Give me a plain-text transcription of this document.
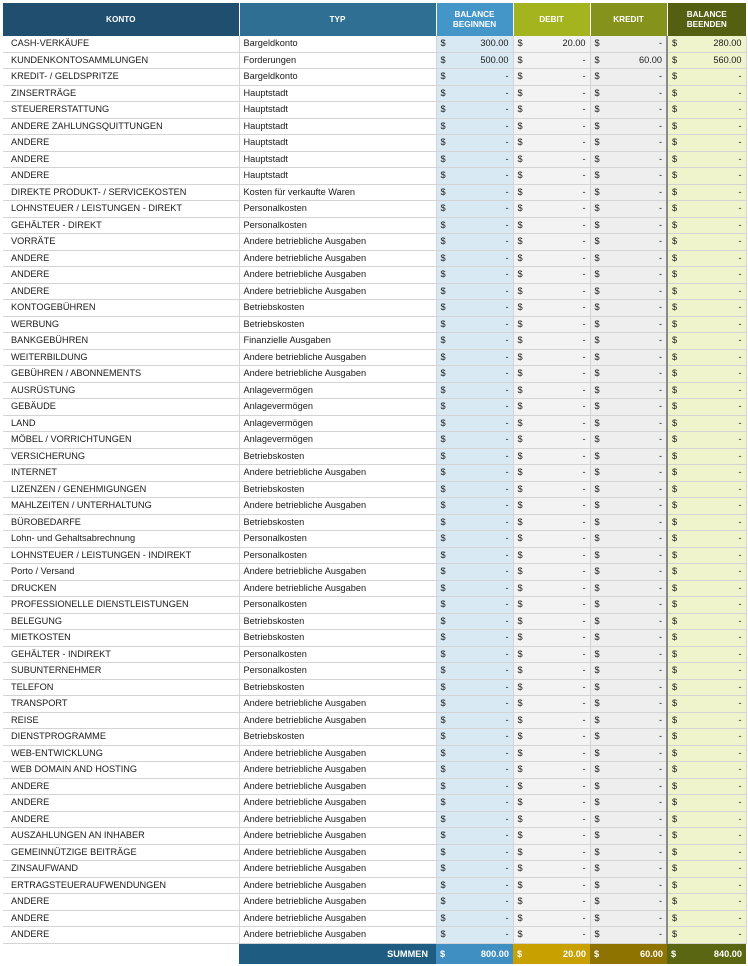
KONTO	TYP	BALANCE BEGINNEN	DEBIT	KREDIT	BALANCE BEENDEN
CASH-VERKÄUFE	Bargeldkonto	$ 300.00	$ 20.00	$ -	$ 280.00
KUNDENKONTOSAMMLUNGEN	Forderungen	$ 500.00	$ -	$ 60.00	$ 560.00
KREDIT- / GELDSPRITZE	Bargeldkonto	$ -	$ -	$ -	$ -
ZINSERTRÄGE	Hauptstadt	$ -	$ -	$ -	$ -
STEUERERSTATTUNG	Hauptstadt	$ -	$ -	$ -	$ -
ANDERE ZAHLUNGSQUITTUNGEN	Hauptstadt	$ -	$ -	$ -	$ -
ANDERE	Hauptstadt	$ -	$ -	$ -	$ -
ANDERE	Hauptstadt	$ -	$ -	$ -	$ -
ANDERE	Hauptstadt	$ -	$ -	$ -	$ -
DIREKTE PRODUKT- / SERVICEKOSTEN	Kosten für verkaufte Waren	$ -	$ -	$ -	$ -
LOHNSTEUER / LEISTUNGEN - DIREKT	Personalkosten	$ -	$ -	$ -	$ -
GEHÄLTER - DIREKT	Personalkosten	$ -	$ -	$ -	$ -
VORRÄTE	Andere betriebliche Ausgaben	$ -	$ -	$ -	$ -
ANDERE	Andere betriebliche Ausgaben	$ -	$ -	$ -	$ -
ANDERE	Andere betriebliche Ausgaben	$ -	$ -	$ -	$ -
ANDERE	Andere betriebliche Ausgaben	$ -	$ -	$ -	$ -
KONTOGEBÜHREN	Betriebskosten	$ -	$ -	$ -	$ -
WERBUNG	Betriebskosten	$ -	$ -	$ -	$ -
BANKGEBÜHREN	Finanzielle Ausgaben	$ -	$ -	$ -	$ -
WEITERBILDUNG	Andere betriebliche Ausgaben	$ -	$ -	$ -	$ -
GEBÜHREN / ABONNEMENTS	Andere betriebliche Ausgaben	$ -	$ -	$ -	$ -
AUSRÜSTUNG	Anlagevermögen	$ -	$ -	$ -	$ -
GEBÄUDE	Anlagevermögen	$ -	$ -	$ -	$ -
LAND	Anlagevermögen	$ -	$ -	$ -	$ -
MÖBEL / VORRICHTUNGEN	Anlagevermögen	$ -	$ -	$ -	$ -
VERSICHERUNG	Betriebskosten	$ -	$ -	$ -	$ -
INTERNET	Andere betriebliche Ausgaben	$ -	$ -	$ -	$ -
LIZENZEN / GENEHMIGUNGEN	Betriebskosten	$ -	$ -	$ -	$ -
MAHLZEITEN / UNTERHALTUNG	Andere betriebliche Ausgaben	$ -	$ -	$ -	$ -
BÜROBEDARFE	Betriebskosten	$ -	$ -	$ -	$ -
Lohn- und Gehaltsabrechnung	Personalkosten	$ -	$ -	$ -	$ -
LOHNSTEUER / LEISTUNGEN - INDIREKT	Personalkosten	$ -	$ -	$ -	$ -
Porto / Versand	Andere betriebliche Ausgaben	$ -	$ -	$ -	$ -
DRUCKEN	Andere betriebliche Ausgaben	$ -	$ -	$ -	$ -
PROFESSIONELLE DIENSTLEISTUNGEN	Personalkosten	$ -	$ -	$ -	$ -
BELEGUNG	Betriebskosten	$ -	$ -	$ -	$ -
MIETKOSTEN	Betriebskosten	$ -	$ -	$ -	$ -
GEHÄLTER - INDIREKT	Personalkosten	$ -	$ -	$ -	$ -
SUBUNTERNEHMER	Personalkosten	$ -	$ -	$ -	$ -
TELEFON	Betriebskosten	$ -	$ -	$ -	$ -
TRANSPORT	Andere betriebliche Ausgaben	$ -	$ -	$ -	$ -
REISE	Andere betriebliche Ausgaben	$ -	$ -	$ -	$ -
DIENSTPROGRAMME	Betriebskosten	$ -	$ -	$ -	$ -
WEB-ENTWICKLUNG	Andere betriebliche Ausgaben	$ -	$ -	$ -	$ -
WEB DOMAIN AND HOSTING	Andere betriebliche Ausgaben	$ -	$ -	$ -	$ -
ANDERE	Andere betriebliche Ausgaben	$ -	$ -	$ -	$ -
ANDERE	Andere betriebliche Ausgaben	$ -	$ -	$ -	$ -
ANDERE	Andere betriebliche Ausgaben	$ -	$ -	$ -	$ -
AUSZAHLUNGEN AN INHABER	Andere betriebliche Ausgaben	$ -	$ -	$ -	$ -
GEMEINNÜTZIGE BEITRÄGE	Andere betriebliche Ausgaben	$ -	$ -	$ -	$ -
ZINSAUFWAND	Andere betriebliche Ausgaben	$ -	$ -	$ -	$ -
ERTRAGSTEUERAUFWENDUNGEN	Andere betriebliche Ausgaben	$ -	$ -	$ -	$ -
ANDERE	Andere betriebliche Ausgaben	$ -	$ -	$ -	$ -
ANDERE	Andere betriebliche Ausgaben	$ -	$ -	$ -	$ -
ANDERE	Andere betriebliche Ausgaben	$ -	$ -	$ -	$ -
	SUMMEN	$ 800.00	$ 20.00	$ 60.00	$ 840.00
